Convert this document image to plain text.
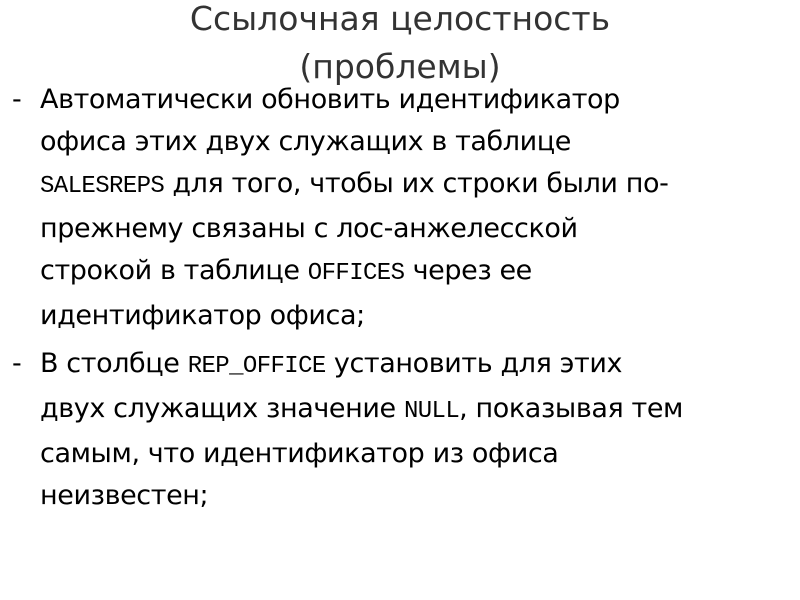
Ссылочная целостность
(проблемы)
- Автоматически обновить идентификатор
офиса этих двух служащих в таблице
SALESREPS для того, чтобы их строки были по-
прежнему связаны с лос-анжелесской
строкой в таблице OFFICES через ее
идентификатор офиса;
- В столбце REP_OFFICE установить для этих
двух служащих значение NULL, показывая тем
самым, что идентификатор из офиса
неизвестен;
